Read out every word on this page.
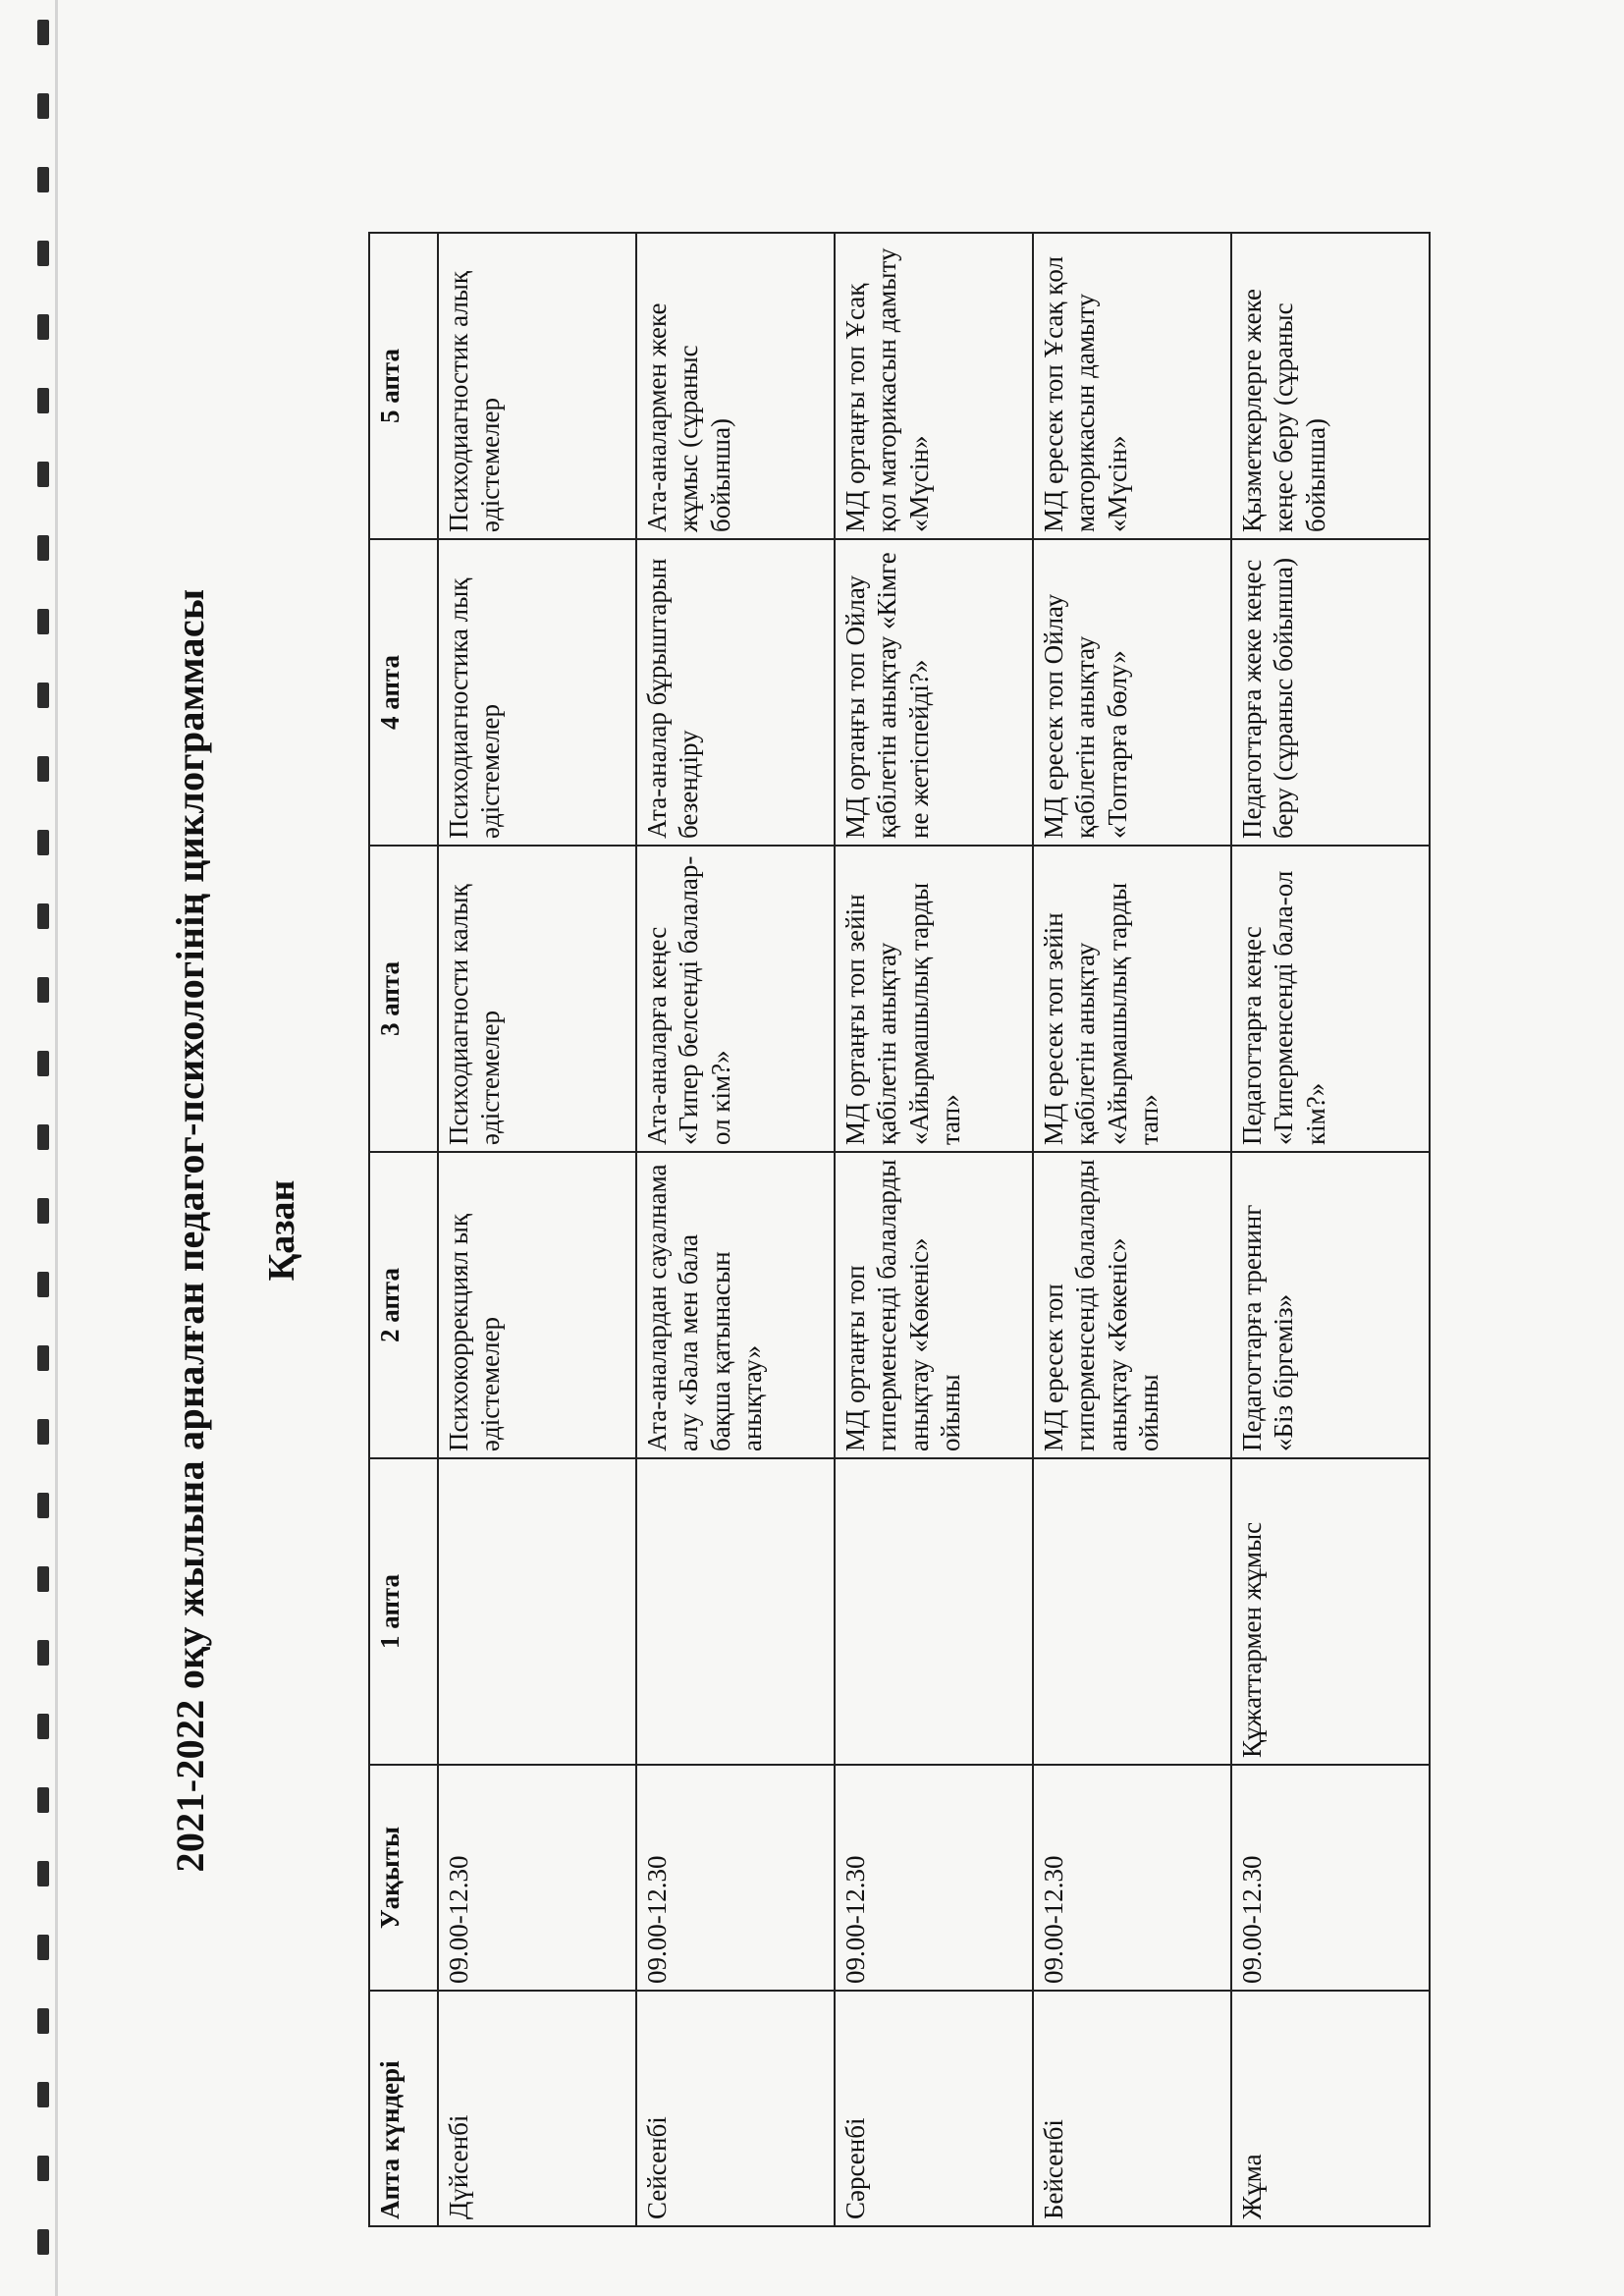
2021-2022 оқу жылына арналған педагог-психологінің циклограммасы Қазан
Апта күндері	Уақыты	1 апта	2 апта	3 апта	4 апта	5 апта
Дүйсенбі	09.00-12.30		Психокоррекциял ық әдістемелер	Психодиагности калық әдістемелер	Психодиагностика лық әдістемелер	Психодиагностик алық әдістемелер
Сейсенбі	09.00-12.30		Ата-аналардан сауалнама алу «Бала мен бала бақша қатынасын анықтау»	Ата-аналарға кеңес «Гипер белсенді балалар-ол кім?»	Ата-аналар бұрыштарын безендіру	Ата-аналармен жеке жұмыс (сұраныс бойынша)
Сәрсенбі	09.00-12.30		МД ортаңғы топ гиперменсенді балаларды анықтау «Көкеніс» ойыны	МД ортаңғы топ зейін қабілетін анықтау «Айырмашылық тарды тап»	МД ортаңғы топ Ойлау қабілетін анықтау «Кімге не жетіспейді?»	МД ортаңғы топ Ұсақ қол маторикасын дамыту «Мүсін»
Бейсенбі	09.00-12.30		МД ересек топ гиперменсенді балаларды анықтау «Көкеніс» ойыны	МД ересек топ зейін қабілетін анықтау «Айырмашылық тарды тап»	МД ересек топ Ойлау қабілетін анықтау «Топтарға бөлу»	МД ересек топ Ұсақ қол маторикасын дамыту «Мүсін»
Жұма	09.00-12.30	Құжаттармен жұмыс	Педагогтарға тренинг «Біз біргеміз»	Педагогтарға кеңес «Гиперменсенді бала-ол кім?»	Педагогтарға жеке кеңес беру (сұраныс бойынша)	Қызметкерлерге жеке кеңес беру (сұраныс бойынша)
